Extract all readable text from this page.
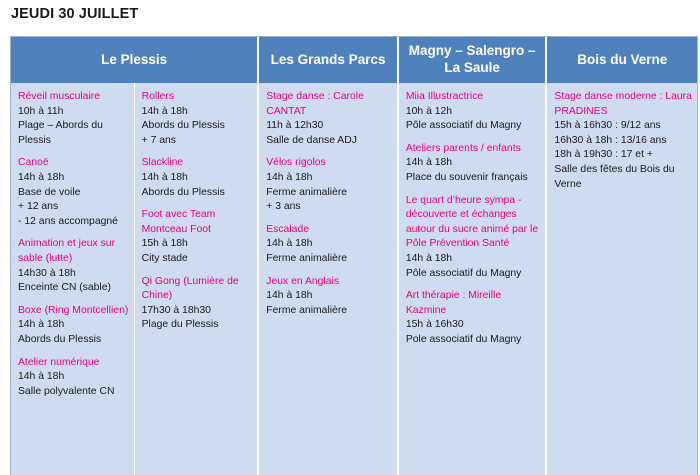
JEUDI 30 JUILLET
Le Plessis	Les Grands Parcs
Magny – Salengro – La Saule
Bois du Verne
Réveil musculaire
10h à 11h
Plage – Abords du Plessis
Canoë
14h à 18h
Base de voile
+ 12 ans
- 12 ans accompagné
Animation et jeux sur sable (lutte)
14h30 à 18h
Enceinte CN (sable)
Boxe (Ring Montcellien)
14h à 18h
Abords du Plessis
Atelier numérique
14h à 18h
Salle polyvalente CN
Rollers
14h à 18h
Abords du Plessis
+ 7 ans
Slackline
14h à 18h
Abords du Plessis
Foot avec Team Montceau Foot
15h à 18h
City stade
Qi Gong (Lumière de Chine)
17h30 à 18h30
Plage du Plessis
Stage danse : Carole CANTAT
11h à 12h30
Salle de danse ADJ
Vélos rigolos
14h à 18h
Ferme animalière
+ 3 ans
Escalade
14h à 18h
Ferme animalière
Jeux en Anglais
14h à 18h
Ferme animalière
Miia Illustractrice
10h à 12h
Pôle associatif du Magny
Ateliers parents / enfants
14h à 18h
Place du souvenir français
Le quart d’heure sympa - découverte et échanges autour du sucre animé par le Pôle Prévention Santé
14h à 18h
Pôle associatif du Magny
Art thérapie : Mireille Kazmine
15h à 16h30
Pole associatif du Magny
Stage danse moderne : Laura PRADINES
15h à 16h30 : 9/12 ans
16h30 à 18h : 13/16 ans
18h à 19h30 : 17 et +
Salle des fêtes du Bois du Verne
